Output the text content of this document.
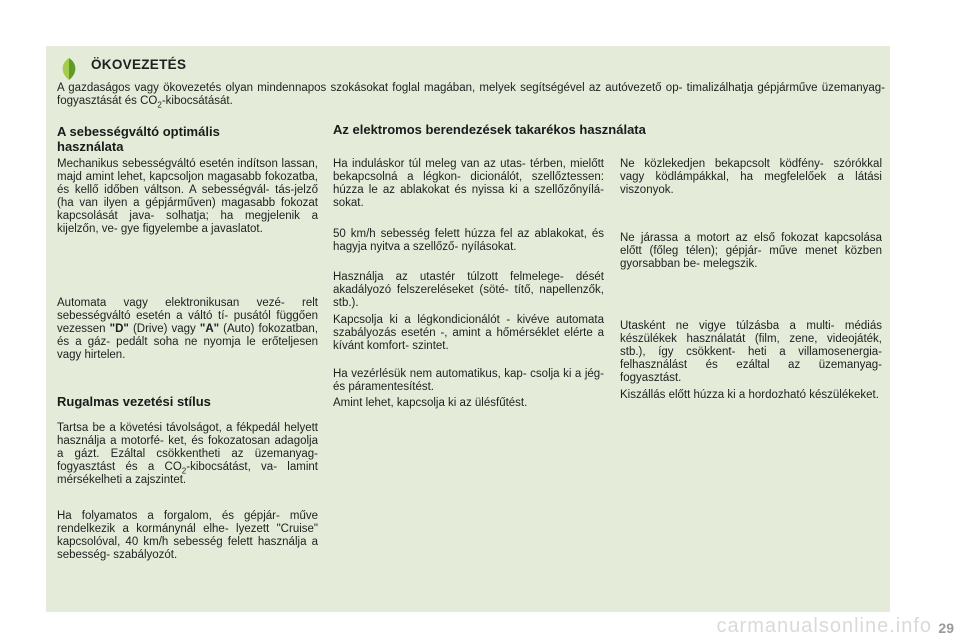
ÖKOVEZETÉS
A gazdaságos vagy ökovezetés olyan mindennapos szokásokat foglal magában, melyek segítségével az autóvezető op- timalizálhatja gépjárművе üzemanyag-fogyasztását és $CO_2$-kibocsátását.
A sebességváltó optimális
használata

Mechanikus sebességváltó esetén indítson lassan, majd amint lehet, kapcsoljon magasabb fokozatba, és kellő időben váltson. A sebességvál- tás-jelző (ha van ilyen a gépjárműven) magasabb fokozat kapcsolását java- solhatja; ha megjelenik a kijelzőn, ve- gye figyelembe a javaslatot.

Automata vagy elektronikusan vezé- relt sebességváltó esetén a váltó tí- pusától függően vezessen "D" (Drive) vagy "A" (Auto) fokozatban, és a gáz- pedált soha ne nyomja le erőteljesen vagy hirtelen.

Rugalmas vezetési stílus

Tartsa be a követési távolságot, a fékpedál helyett használja a motorfé- ket, és fokozatosan adagolja a gázt. Ezáltal csökkentheti az üzemanyag- fogyasztást és a $CO_2$-kibocsátást, va- lamint mérsékelheti a zajszintet.

Ha folyamatos a forgalom, és gépjár- műve rendelkezik a kormánynál elhe- lyezett "Cruise" kapcsolóval, 40 km/h sebesség felett használja a sebesség- szabályozót.

Az elektromos berendezések takarékos használata

Ha induláskor túl meleg van az utas- térben, mielőtt bekapcsolná a légkon- dicionálót, szellőztessen: húzza le az ablakokat és nyissa ki a szellőzőnyílá- sokat.

50 km/h sebesség felett húzza fel az ablakokat, és hagyja nyitva a szellőző- nyílásokat.

Használja az utastér túlzott felmelege- dését akadályozó felszereléseket (söté- títő, napellenzők, stb.).

Kapcsolja ki a légkondicionálót - kivéve automata szabályozás esetén -, amint a hőmérséklet elérte a kívánt komfort- szintet.

Ha vezérlésük nem automatikus, kap- csolja ki a jég- és páramentesítést.

Amint lehet, kapcsolja ki az ülésfűtést.

Ne közlekedjen bekapcsolt ködfény- szórókkal vagy ködlámpákkal, ha megfelelőek a látási viszonyok.

Ne járassa a motort az első fokozat kapcsolása előtt (főleg télen); gépjár- műve menet közben gyorsabban be- melegszik.

Utasként ne vigye túlzásba a multi- médiás készülékek használatát (film, zene, videojáték, stb.), így csökkent- heti a villamosenergia-felhasználást és ezáltal az üzemanyag-fogyasztást.

Kiszállás előtt húzza ki a hordozható készülékeket.

carmanualsonline.info 29
